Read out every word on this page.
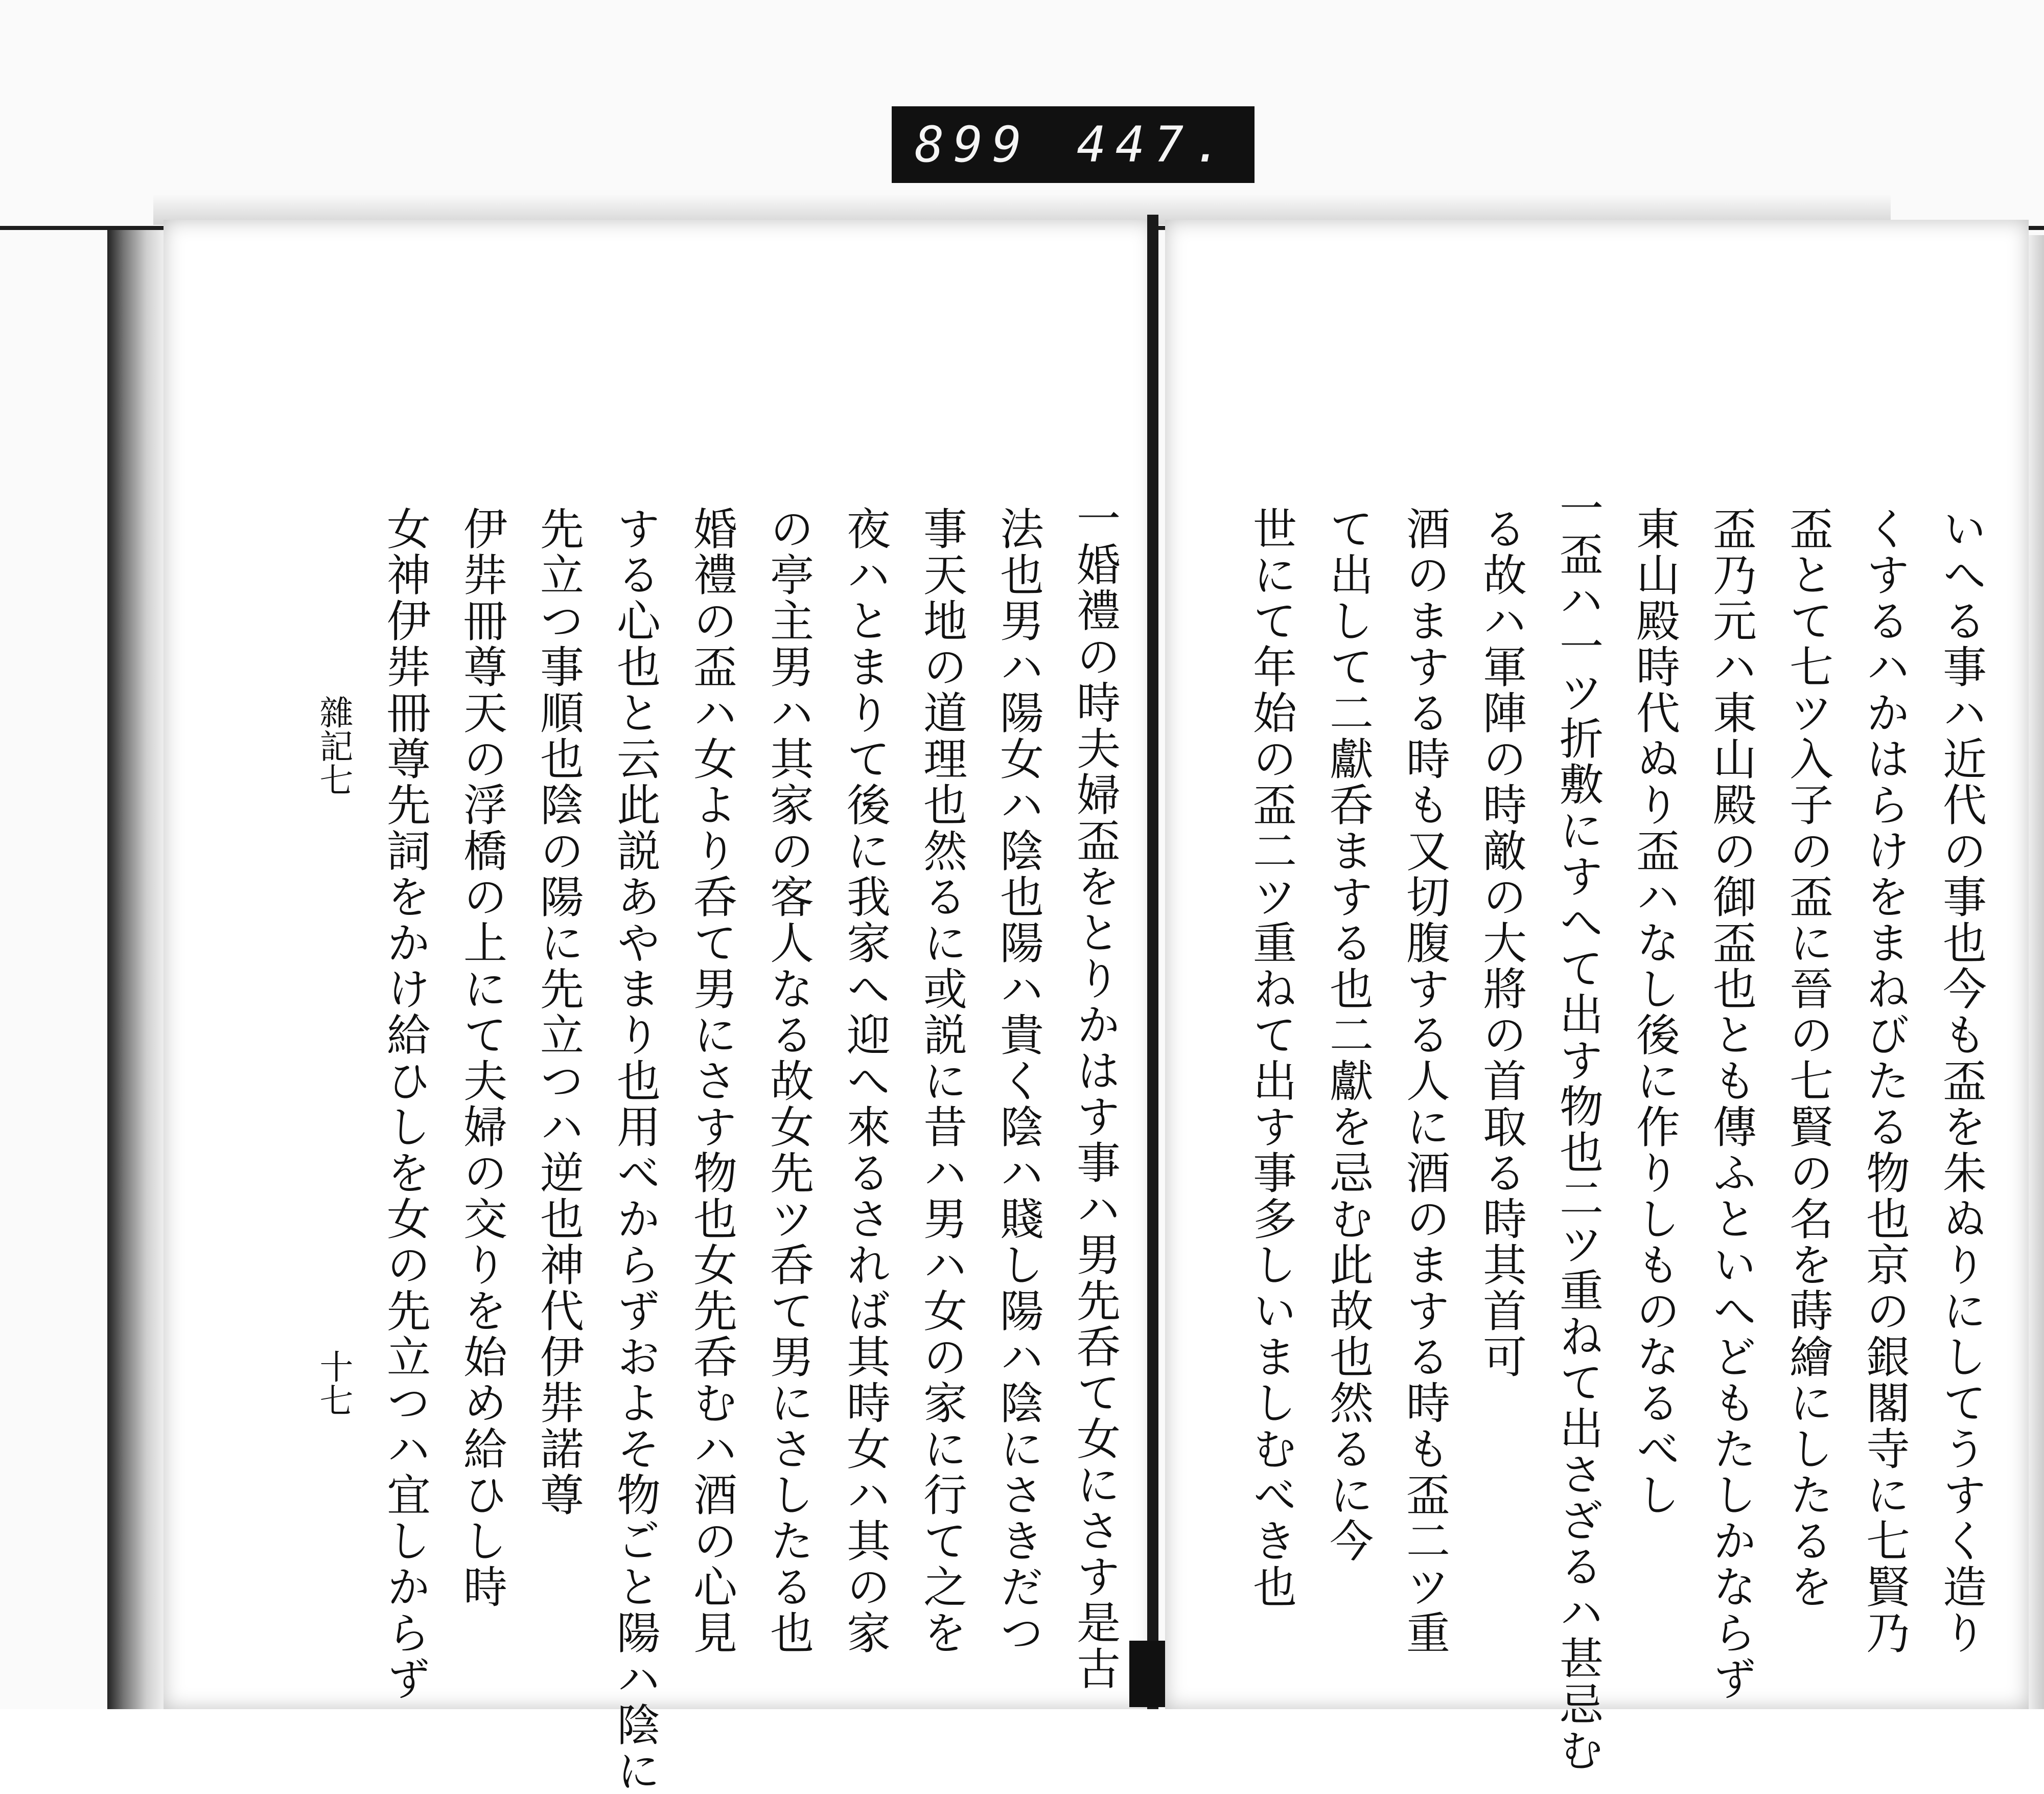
899 447.
一婚禮の時夫婦盃をとりかはす事ハ男先呑て女にさす是古
法也男ハ陽女ハ陰也陽ハ貴く陰ハ賤し陽ハ陰にさきだつ
事天地の道理也然るに或説に昔ハ男ハ女の家に行て之を
夜ハとまりて後に我家へ迎へ來るされば其時女ハ其の家
の亭主男ハ其家の客人なる故女先ツ呑て男にさしたる也
婚禮の盃ハ女より呑て男にさす物也女先呑むハ酒の心見
する心也と云此説あやまり也用べからずおよそ物ごと陽ハ陰に
先立つ事順也陰の陽に先立つハ逆也神代伊弉諾尊
伊弉冊尊天の浮橋の上にて夫婦の交りを始め給ひし時
女神伊弉冊尊先詞をかけ給ひしを女の先立つハ宜しからず
雜記七
十七	いへる事ハ近代の事也今も盃を朱ぬりにしてうすく造り
くするハかはらけをまねびたる物也京の銀閣寺に七賢乃
盃とて七ツ入子の盃に晉の七賢の名を蒔繪にしたるを
盃乃元ハ東山殿の御盃也とも傳ふといへどもたしかならず
東山殿時代ぬり盃ハなし後に作りしものなるべし
一盃ハ一ツ折敷にすへて出す物也二ツ重ねて出さざるハ甚忌む
る故ハ軍陣の時敵の大將の首取る時其首可
酒のまする時も又切腹する人に酒のまする時も盃二ツ重
て出して二獻呑まする也二獻を忌む此故也然るに今
世にて年始の盃二ツ重ねて出す事多しいましむべき也
